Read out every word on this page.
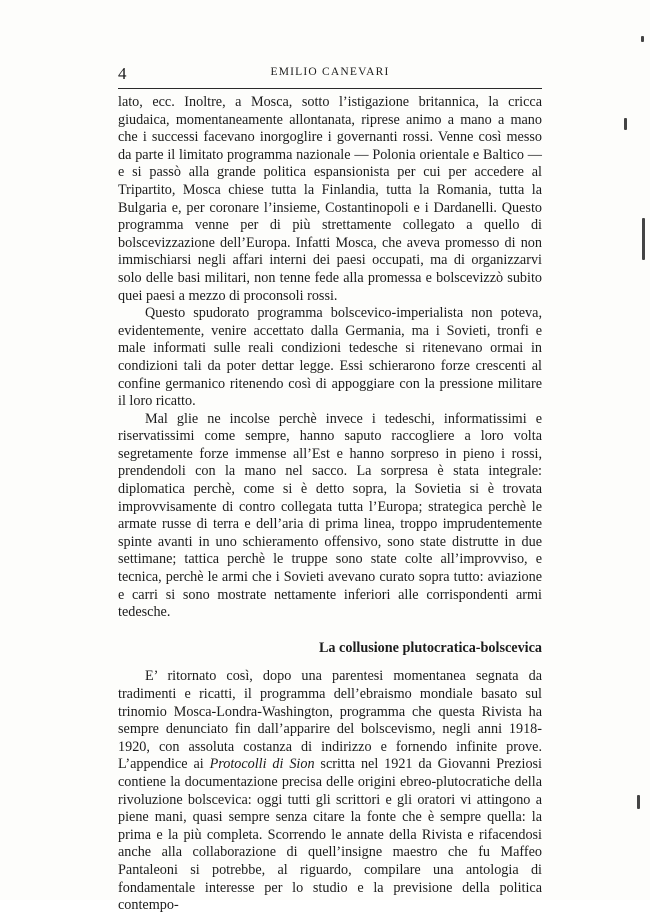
4	EMILIO CANEVARI

lato, ecc. Inoltre, a Mosca, sotto l’istigazione britannica, la cricca giudaica, momentaneamente allontanata, riprese animo a mano a mano che i successi facevano inorgoglire i governanti rossi. Venne così messo da parte il limitato programma nazionale — Polonia orientale e Baltico — e si passò alla grande politica espansionista per cui per accedere al Tripartito, Mosca chiese tutta la Finlandia, tutta la Romania, tutta la Bulgaria e, per coronare l’insieme, Costantinopoli e i Dardanelli. Questo programma venne per di più strettamente collegato a quello di bolscevizzazione dell’Europa. Infatti Mosca, che aveva promesso di non immischiarsi negli affari interni dei paesi occupati, ma di organizzarvi solo delle basi militari, non tenne fede alla promessa e bolscevizzò subito quei paesi a mezzo di proconsoli rossi.

Questo spudorato programma bolscevico-imperialista non poteva, evidentemente, venire accettato dalla Germania, ma i Sovieti, tronfi e male informati sulle reali condizioni tedesche si ritenevano ormai in condizioni tali da poter dettar legge. Essi schierarono forze crescenti al confine germanico ritenendo così di appoggiare con la pressione militare il loro ricatto.

Mal glie ne incolse perchè invece i tedeschi, informatissimi e riservatissimi come sempre, hanno saputo raccogliere a loro volta segretamente forze immense all’Est e hanno sorpreso in pieno i rossi, prendendoli con la mano nel sacco. La sorpresa è stata integrale: diplomatica perchè, come si è detto sopra, la Sovietia si è trovata improvvisamente di contro collegata tutta l’Europa; strategica perchè le armate russe di terra e dell’aria di prima linea, troppo imprudentemente spinte avanti in uno schieramento offensivo, sono state distrutte in due settimane; tattica perchè le truppe sono state colte all’improvviso, e tecnica, perchè le armi che i Sovieti avevano curato sopra tutto: aviazione e carri si sono mostrate nettamente inferiori alle corrispondenti armi tedesche.

La collusione plutocratica-bolscevica

E’ ritornato così, dopo una parentesi momentanea segnata da tradimenti e ricatti, il programma dell’ebraismo mondiale basato sul trinomio Mosca-Londra-Washington, programma che questa Rivista ha sempre denunciato fin dall’apparire del bolscevismo, negli anni 1918-1920, con assoluta costanza di indirizzo e fornendo infinite prove. L’appendice ai Protocolli di Sion scritta nel 1921 da Giovanni Preziosi contiene la documentazione precisa delle origini ebreo-plutocratiche della rivoluzione bolscevica: oggi tutti gli scrittori e gli oratori vi attingono a piene mani, quasi sempre senza citare la fonte che è sempre quella: la prima e la più completa. Scorrendo le annate della Rivista e rifacendosi anche alla collaborazione di quell’insigne maestro che fu Maffeo Pantaleoni si potrebbe, al riguardo, compilare una antologia di fondamentale interesse per lo studio e la previsione della politica contempo-
